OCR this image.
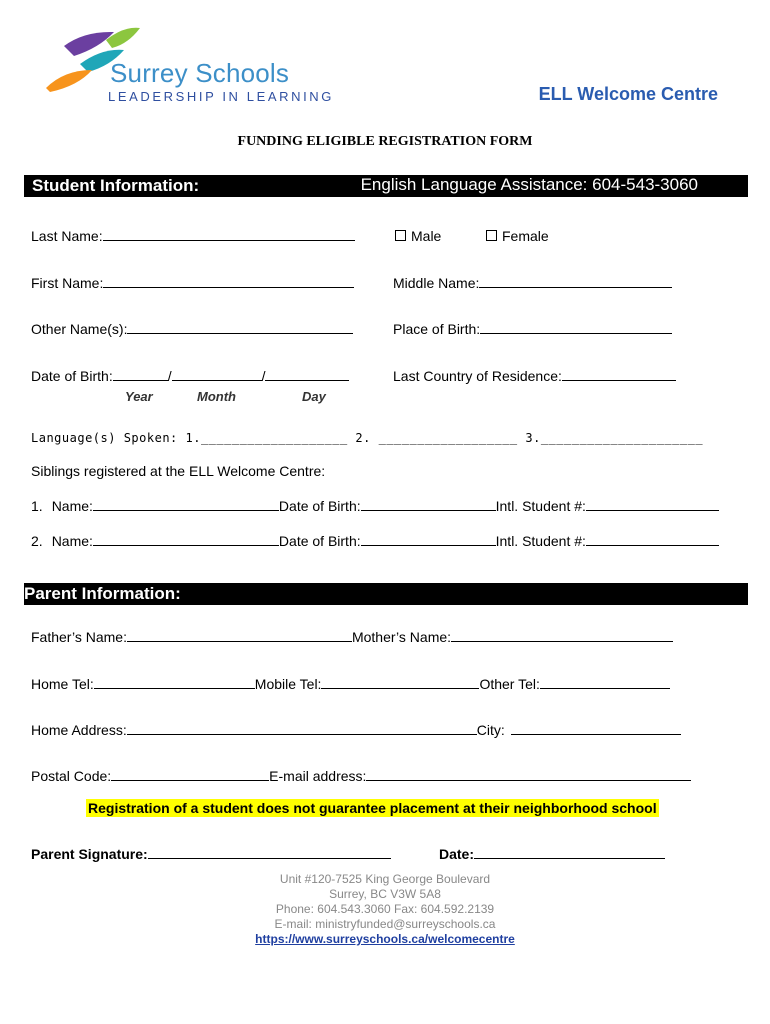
Surrey Schools
LEADERSHIP IN LEARNING	ELL Welcome Centre
FUNDING ELIGIBLE REGISTRATION FORM
Student Information:	English Language Assistance: 604-543-3060
Last Name:	Male	Female
First Name:	Middle Name:
Other Name(s):	Place of Birth:
Date of Birth:	/	/	Last Country of Residence:
Year	Month	Day
Language(s) Spoken: 1.___________________ 2. __________________ 3._____________________
Siblings registered at the ELL Welcome Centre:
1. Name:	Date of Birth:	Intl. Student #:
2. Name:	Date of Birth:	Intl. Student #:
Parent Information:
Father’s Name:	Mother’s Name:
Home Tel:	Mobile Tel:	Other Tel:
Home Address:	City:
Postal Code:	E-mail address:
Registration of a student does not guarantee placement at their neighborhood school
Parent Signature:	Date:
Unit #120-7525 King George Boulevard
Surrey, BC V3W 5A8
Phone: 604.543.3060 Fax: 604.592.2139
E-mail: ministryfunded@surreyschools.ca
https://www.surreyschools.ca/welcomecentre
